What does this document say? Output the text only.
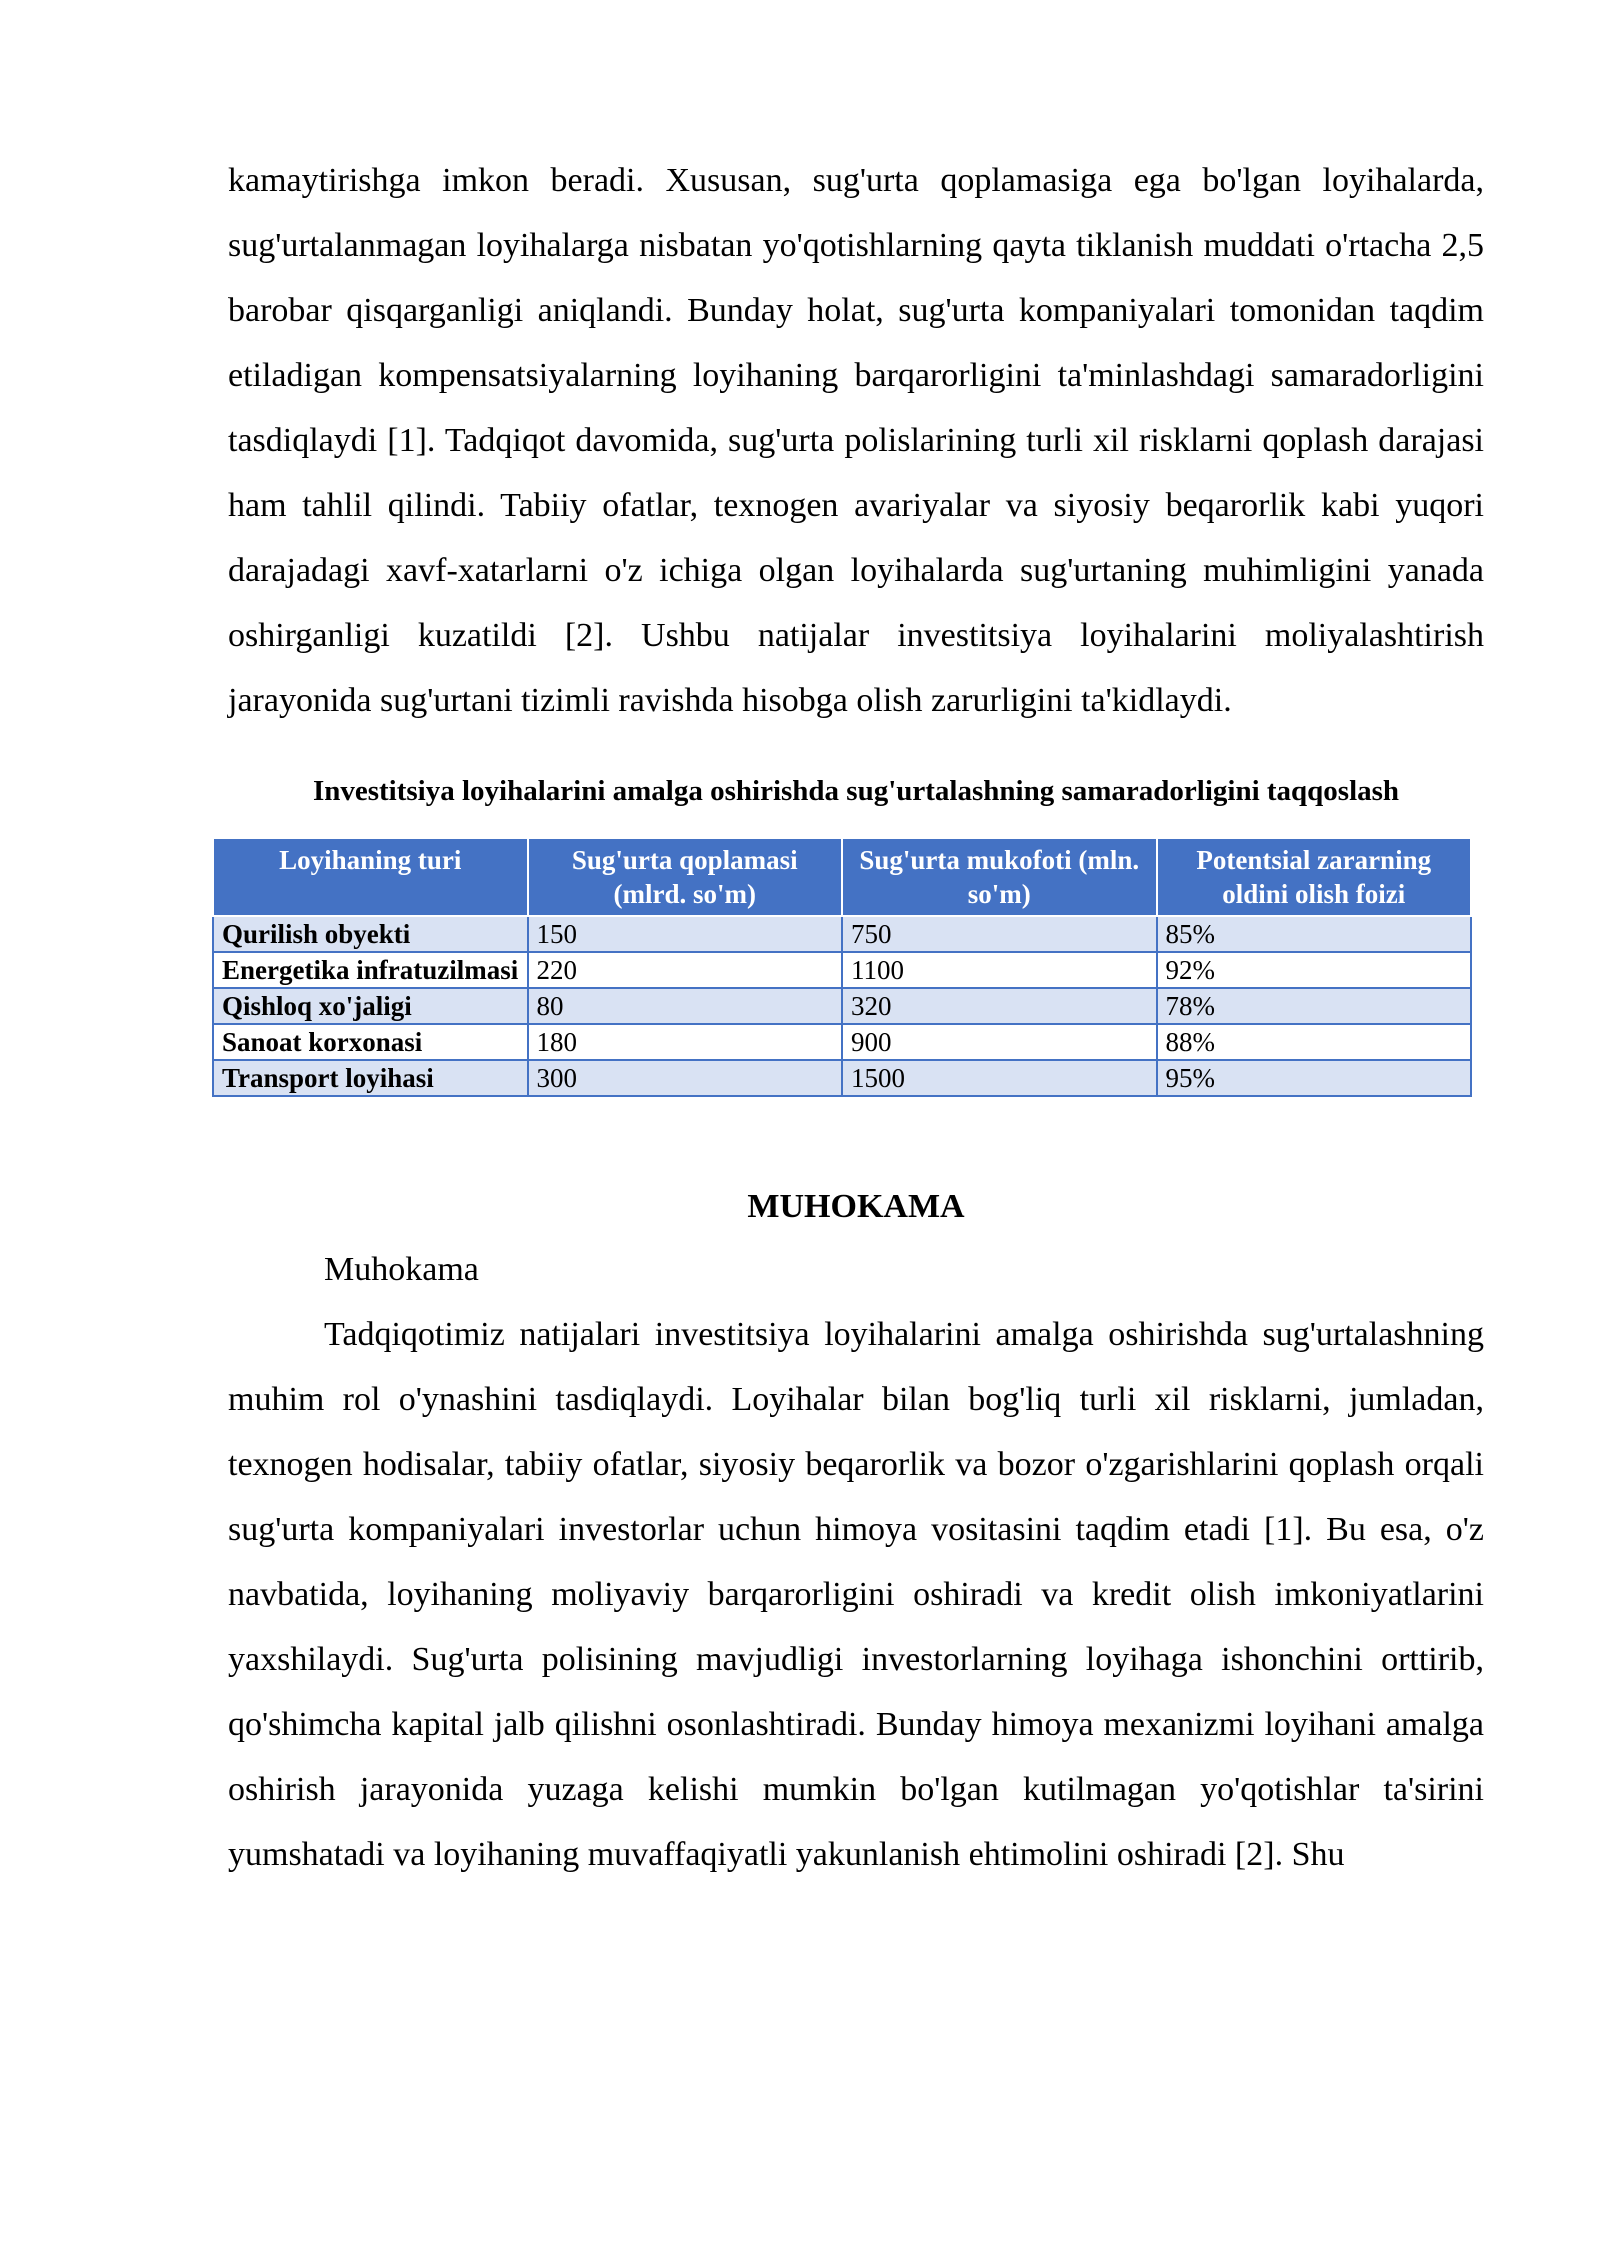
kamaytirishga imkon beradi. Xususan, sug'urta qoplamasiga ega bo'lgan loyihalarda, sug'urtalanmagan loyihalarga nisbatan yo'qotishlarning qayta tiklanish muddati o'rtacha 2,5 barobar qisqarganligi aniqlandi. Bunday holat, sug'urta kompaniyalari tomonidan taqdim etiladigan kompensatsiyalarning loyihaning barqarorligini ta'minlashdagi samaradorligini tasdiqlaydi [1]. Tadqiqot davomida, sug'urta polislarining turli xil risklarni qoplash darajasi ham tahlil qilindi. Tabiiy ofatlar, texnogen avariyalar va siyosiy beqarorlik kabi yuqori darajadagi xavf-xatarlarni o'z ichiga olgan loyihalarda sug'urtaning muhimligini yanada oshirganligi kuzatildi [2]. Ushbu natijalar investitsiya loyihalarini moliyalashtirish jarayonida sug'urtani tizimli ravishda hisobga olish zarurligini ta'kidlaydi.

Investitsiya loyihalarini amalga oshirishda sug'urtalashning samaradorligini taqqoslash
Loyihaning turi	Sug'urta qoplamasi (mlrd. so'm)	Sug'urta mukofoti (mln. so'm)	Potentsial zararning oldini olish foizi
Qurilish obyekti	150	750	85%
Energetika infratuzilmasi	220	1100	92%
Qishloq xo'jaligi	80	320	78%
Sanoat korxonasi	180	900	88%
Transport loyihasi	300	1500	95%
MUHOKAMA

Muhokama

Tadqiqotimiz natijalari investitsiya loyihalarini amalga oshirishda sug'urtalashning muhim rol o'ynashini tasdiqlaydi. Loyihalar bilan bog'liq turli xil risklarni, jumladan, texnogen hodisalar, tabiiy ofatlar, siyosiy beqarorlik va bozor o'zgarishlarini qoplash orqali sug'urta kompaniyalari investorlar uchun himoya vositasini taqdim etadi [1]. Bu esa, o'z navbatida, loyihaning moliyaviy barqarorligini oshiradi va kredit olish imkoniyatlarini yaxshilaydi. Sug'urta polisining mavjudligi investorlarning loyihaga ishonchini orttirib, qo'shimcha kapital jalb qilishni osonlashtiradi. Bunday himoya mexanizmi loyihani amalga oshirish jarayonida yuzaga kelishi mumkin bo'lgan kutilmagan yo'qotishlar ta'sirini yumshatadi va loyihaning muvaffaqiyatli yakunlanish ehtimolini oshiradi [2]. Shu
